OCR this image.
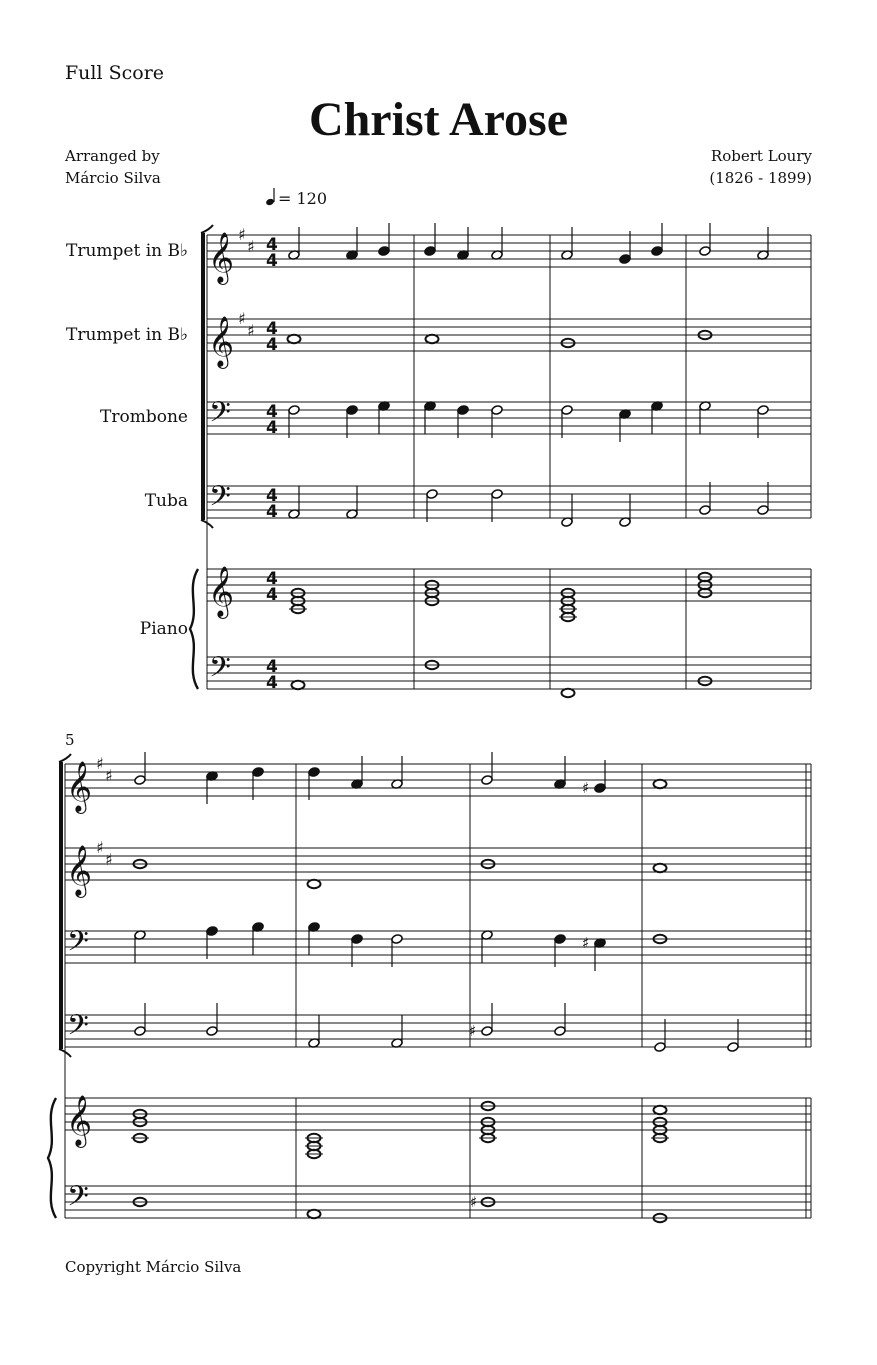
Full Score
Christ Arose
Arranged by
Márcio Silva
Robert Loury
(1826 - 1899)
= 120
Trumpet in B♭
Trumpet in B♭
Trombone
Tuba
Piano
5
Copyright Márcio Silva
𝄞 ♯
♯ 4
4
𝄞 ♯
♯ 4
4
𝄢 4
4
𝄢 4
4
𝄞 4
4
𝄢 4
4
𝄞 ♯
♯
𝄞 ♯
♯
𝄢
𝄢
𝄞
𝄢
♯
♯
♯
♯
